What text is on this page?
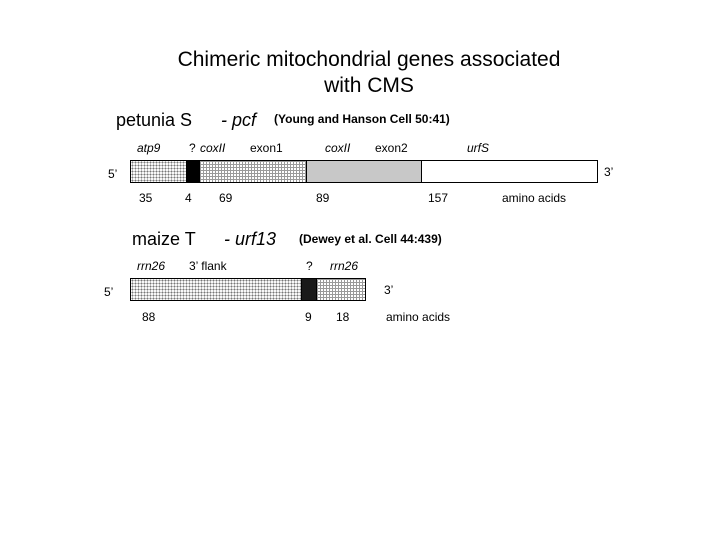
Chimeric mitochondrial genes associated
with CMS
petunia S - pcf (Young and Hanson Cell 50:41)
atp9 ? coxII exon1	coxII exon2	urfS
5’	3’
35	4 69	89	157	amino acids
maize T - urf13 (Dewey et al. Cell 44:439)
rrn26 3’ flank	? rrn26
5’	3’
88	9 18	amino acids
